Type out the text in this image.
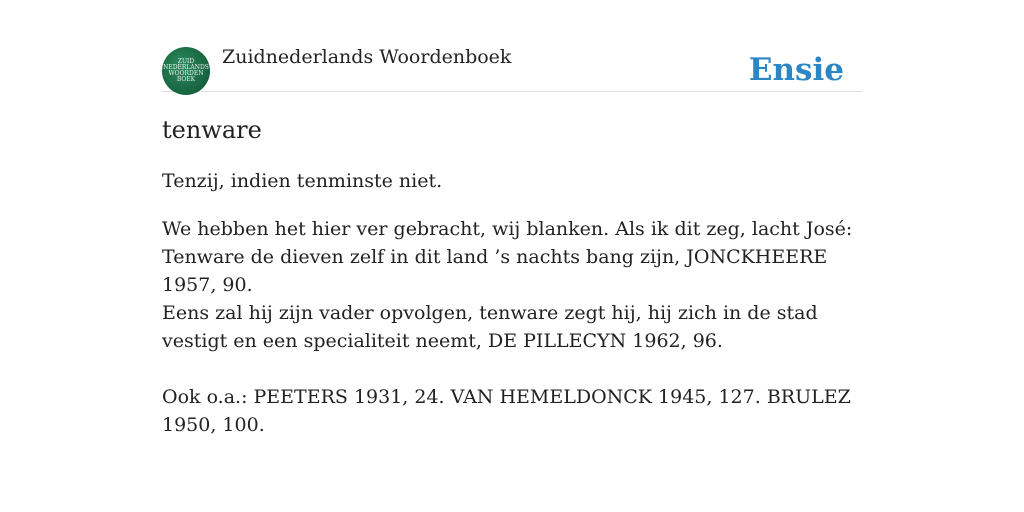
ZUID
NEDERLANDS
WOORDEN
BOEK
Zuidnederlands Woordenboek	Ensie
tenware

Tenzij, indien tenminste niet.

We hebben het hier ver gebracht, wij blanken. Als ik dit zeg, lacht José: Tenware de dieven zelf in dit land ’s nachts bang zijn, JONCKHEERE 1957, 90.

Eens zal hij zijn vader opvolgen, tenware zegt hij, hij zich in de stad vestigt en een specialiteit neemt, DE PILLECYN 1962, 96.

Ook o.a.: PEETERS 1931, 24. VAN HEMELDONCK 1945, 127. BRULEZ 1950, 100.
